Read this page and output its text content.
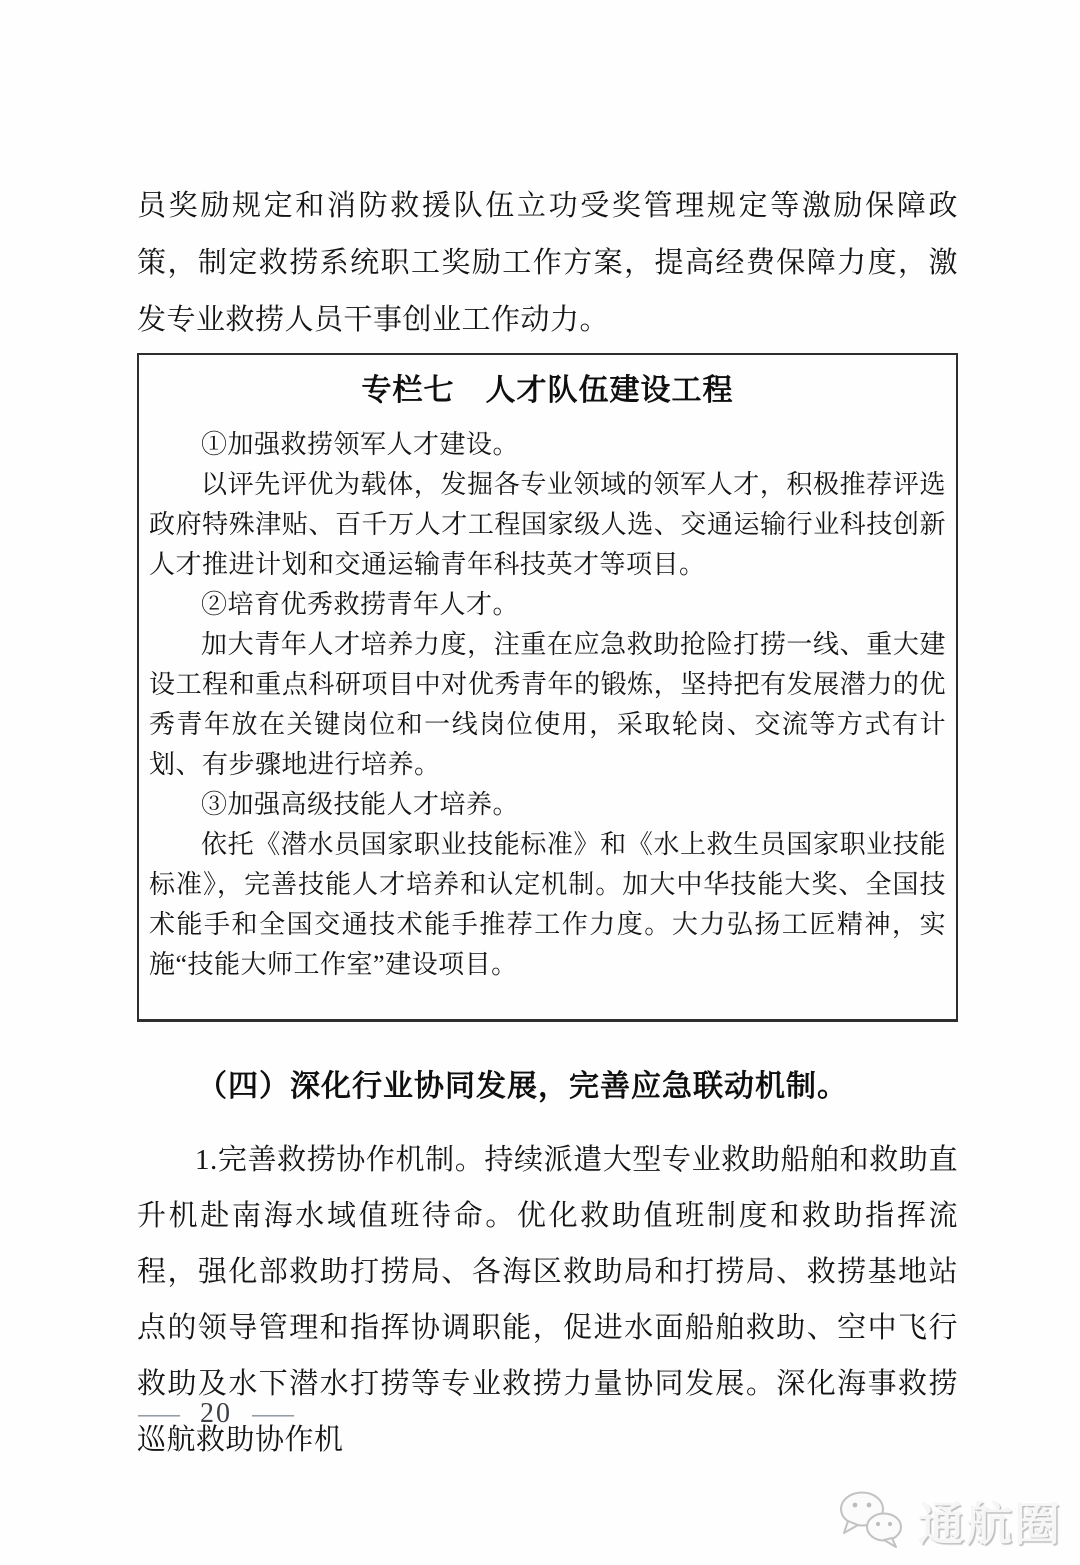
员奖励规定和消防救援队伍立功受奖管理规定等激励保障政策，制定救捞系统职工奖励工作方案，提高经费保障力度，激发专业救捞人员干事创业工作动力。

专栏七　人才队伍建设工程

①加强救捞领军人才建设。

以评先评优为载体，发掘各专业领域的领军人才，积极推荐评选政府特殊津贴、百千万人才工程国家级人选、交通运输行业科技创新人才推进计划和交通运输青年科技英才等项目。

②培育优秀救捞青年人才。

加大青年人才培养力度，注重在应急救助抢险打捞一线、重大建设工程和重点科研项目中对优秀青年的锻炼，坚持把有发展潜力的优秀青年放在关键岗位和一线岗位使用，采取轮岗、交流等方式有计划、有步骤地进行培养。

③加强高级技能人才培养。

依托《潜水员国家职业技能标准》和《水上救生员国家职业技能标准》，完善技能人才培养和认定机制。加大中华技能大奖、全国技术能手和全国交通技术能手推荐工作力度。大力弘扬工匠精神，实施“技能大师工作室”建设项目。

（四）深化行业协同发展，完善应急联动机制。

1.完善救捞协作机制。持续派遣大型专业救助船舶和救助直升机赴南海水域值班待命。优化救助值班制度和救助指挥流程，强化部救助打捞局、各海区救助局和打捞局、救捞基地站点的领导管理和指挥协调职能，促进水面船舶救助、空中飞行救助及水下潜水打捞等专业救捞力量协同发展。深化海事救捞巡航救助协作机

— 20 —
通航圈
